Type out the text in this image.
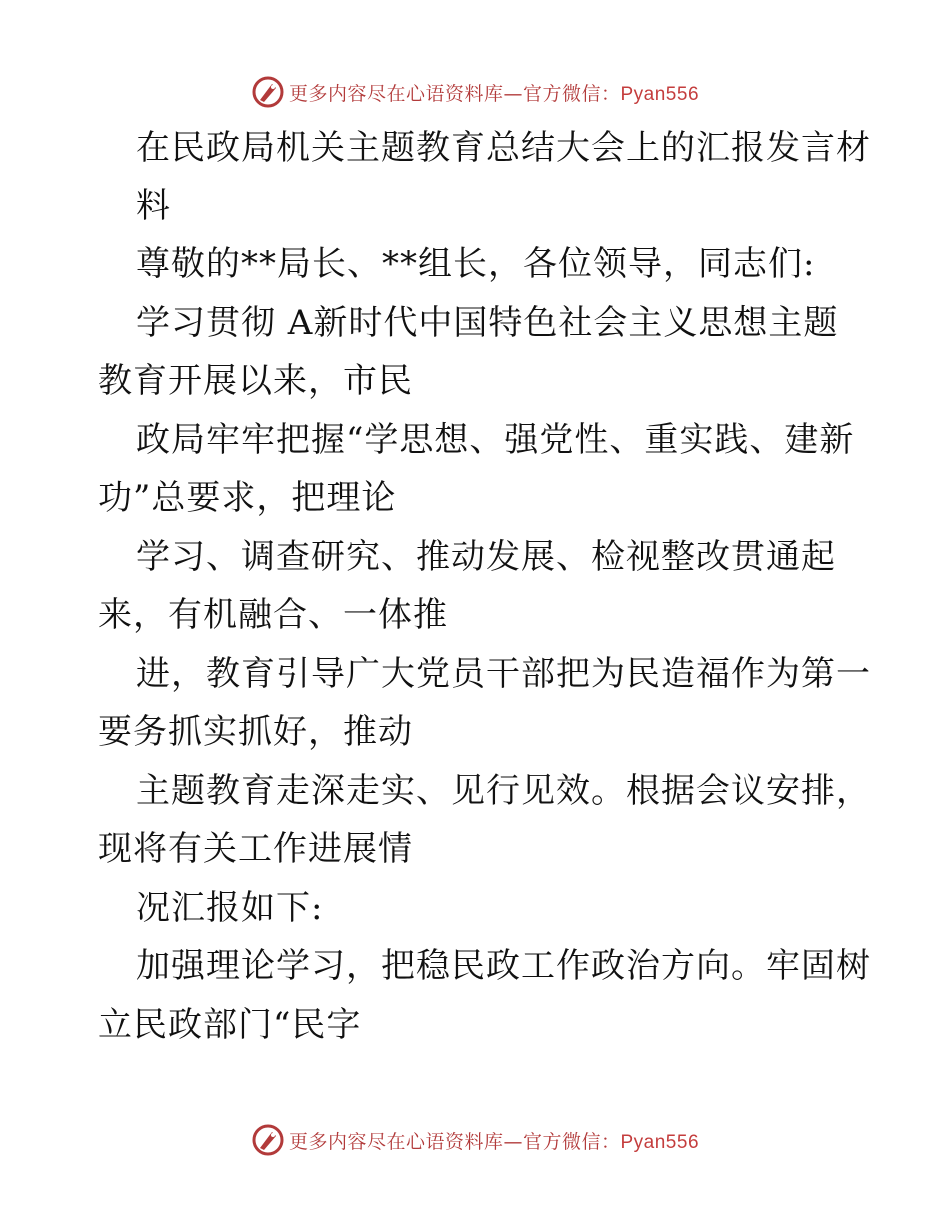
更多内容尽在心语资料库—官方微信：Pyan556
在民政局机关主题教育总结大会上的汇报发言材
料
尊敬的**局长、**组长，各位领导，同志们:
学习贯彻 A新时代中国特色社会主义思想主题
教育开展以来，市民
政局牢牢把握“学思想、强党性、重实践、建新
功”总要求，把理论
学习、调查研究、推动发展、检视整改贯通起
来，有机融合、一体推
进，教育引导广大党员干部把为民造福作为第一
要务抓实抓好，推动
主题教育走深走实、见行见效。根据会议安排，
现将有关工作进展情
况汇报如下:
加强理论学习，把稳民政工作政治方向。牢固树
立民政部门“民字
更多内容尽在心语资料库—官方微信：Pyan556
